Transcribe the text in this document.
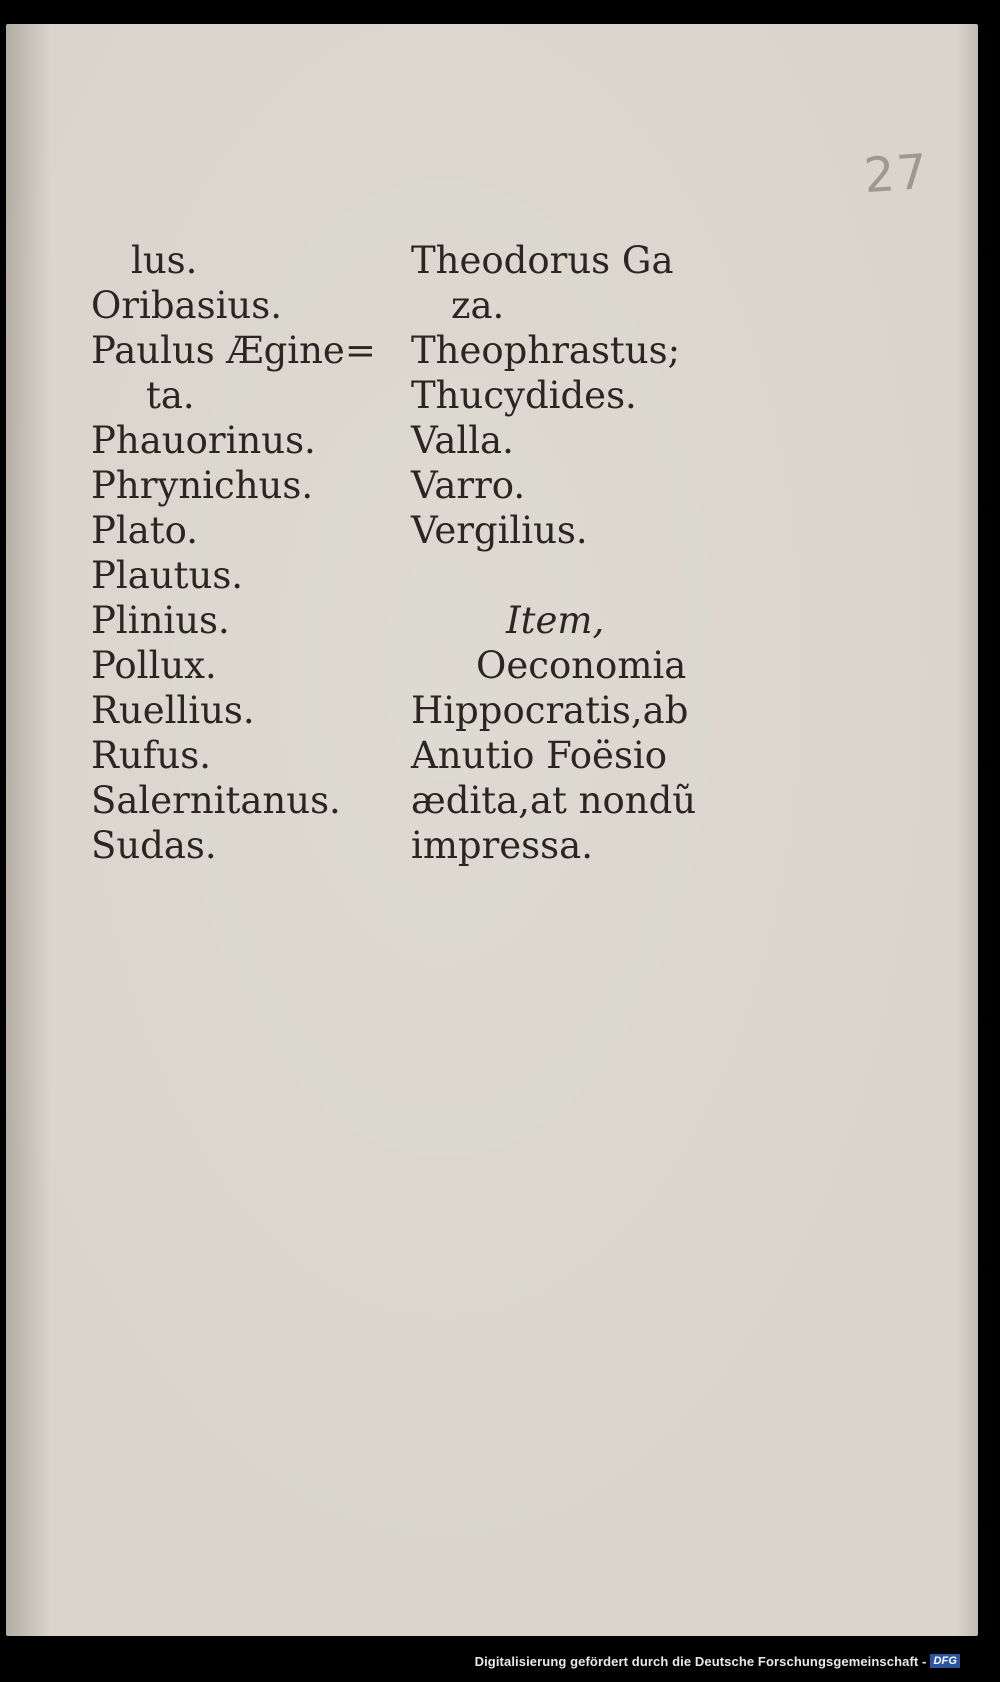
27
lus.
Oribasius.
Paulus Ægine=
ta.
Phauorinus.
Phrynichus.
Plato.
Plautus.
Plinius.
Pollux.
Ruellius.
Rufus.
Salernitanus.
Sudas.
Theodorus Ga
za.
Theophrastus;
Thucydides.
Valla.
Varro.
Vergilius.
Item,
Oeconomia
Hippocratis,ab
Anutio Foësio
ædita,at nondũ
impressa.
Digitalisierung gefördert durch die Deutsche Forschungsgemeinschaft - DFG
